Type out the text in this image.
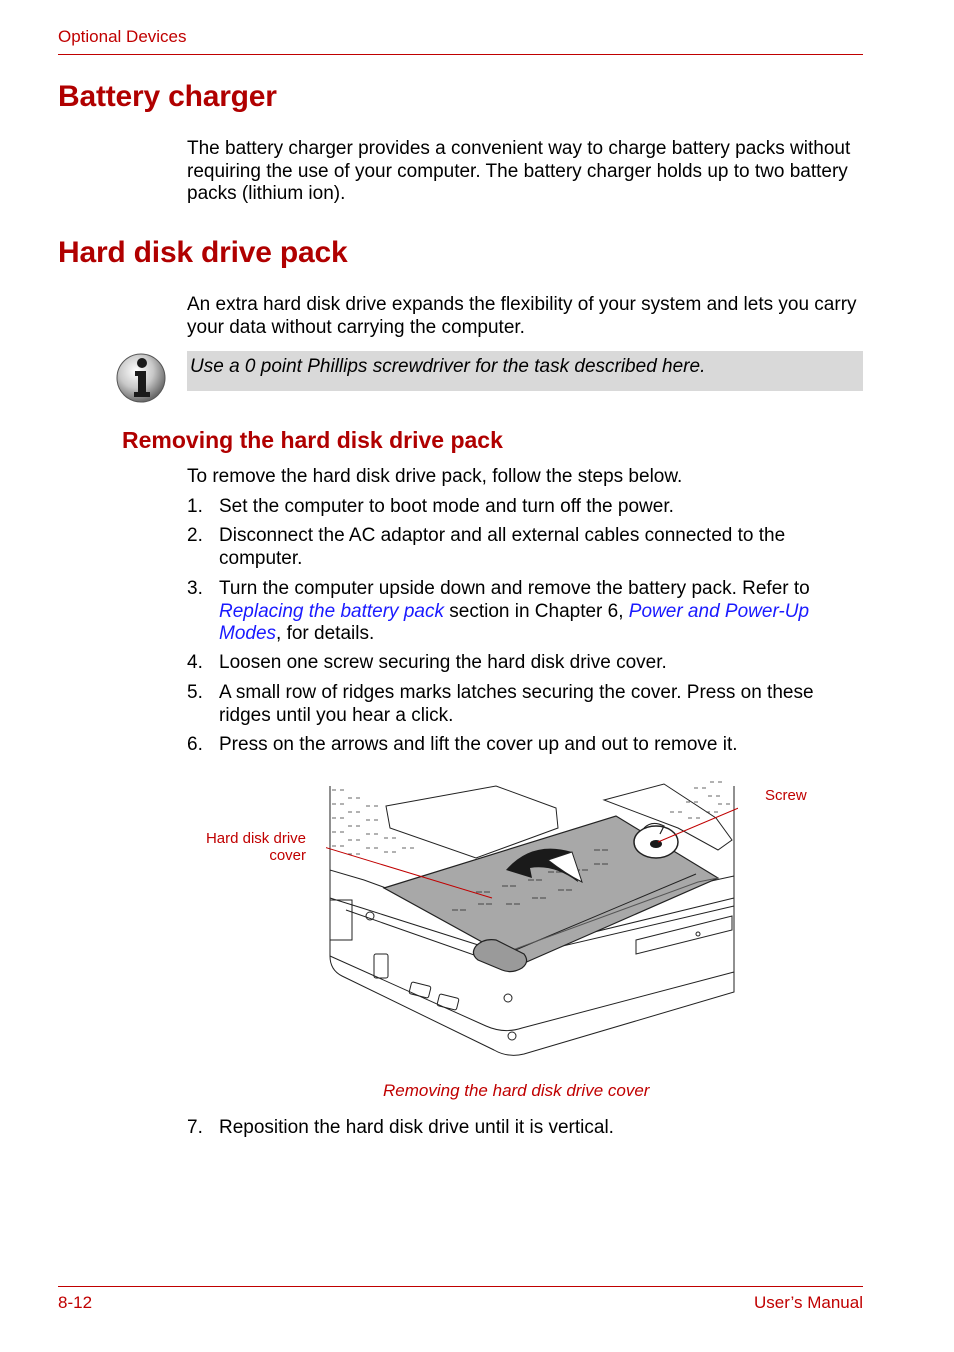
Optional Devices
Battery charger
The battery charger provides a convenient way to charge battery packs without requiring the use of your computer. The battery charger holds up to two battery packs (lithium ion).
Hard disk drive pack
An extra hard disk drive expands the flexibility of your system and lets you carry your data without carrying the computer.
Use a 0 point Phillips screwdriver for the task described here.
Removing the hard disk drive pack
To remove the hard disk drive pack, follow the steps below.
1. Set the computer to boot mode and turn off the power.
2. Disconnect the AC adaptor and all external cables connected to the computer.
3. Turn the computer upside down and remove the battery pack. Refer to Replacing the battery pack section in Chapter 6, Power and Power-Up Modes, for details.
4. Loosen one screw securing the hard disk drive cover.
5. A small row of ridges marks latches securing the cover. Press on these ridges until you hear a click.
6. Press on the arrows and lift the cover up and out to remove it.
Hard disk drive
cover
Screw
Removing the hard disk drive cover
7. Reposition the hard disk drive until it is vertical.
8-12	User’s Manual
